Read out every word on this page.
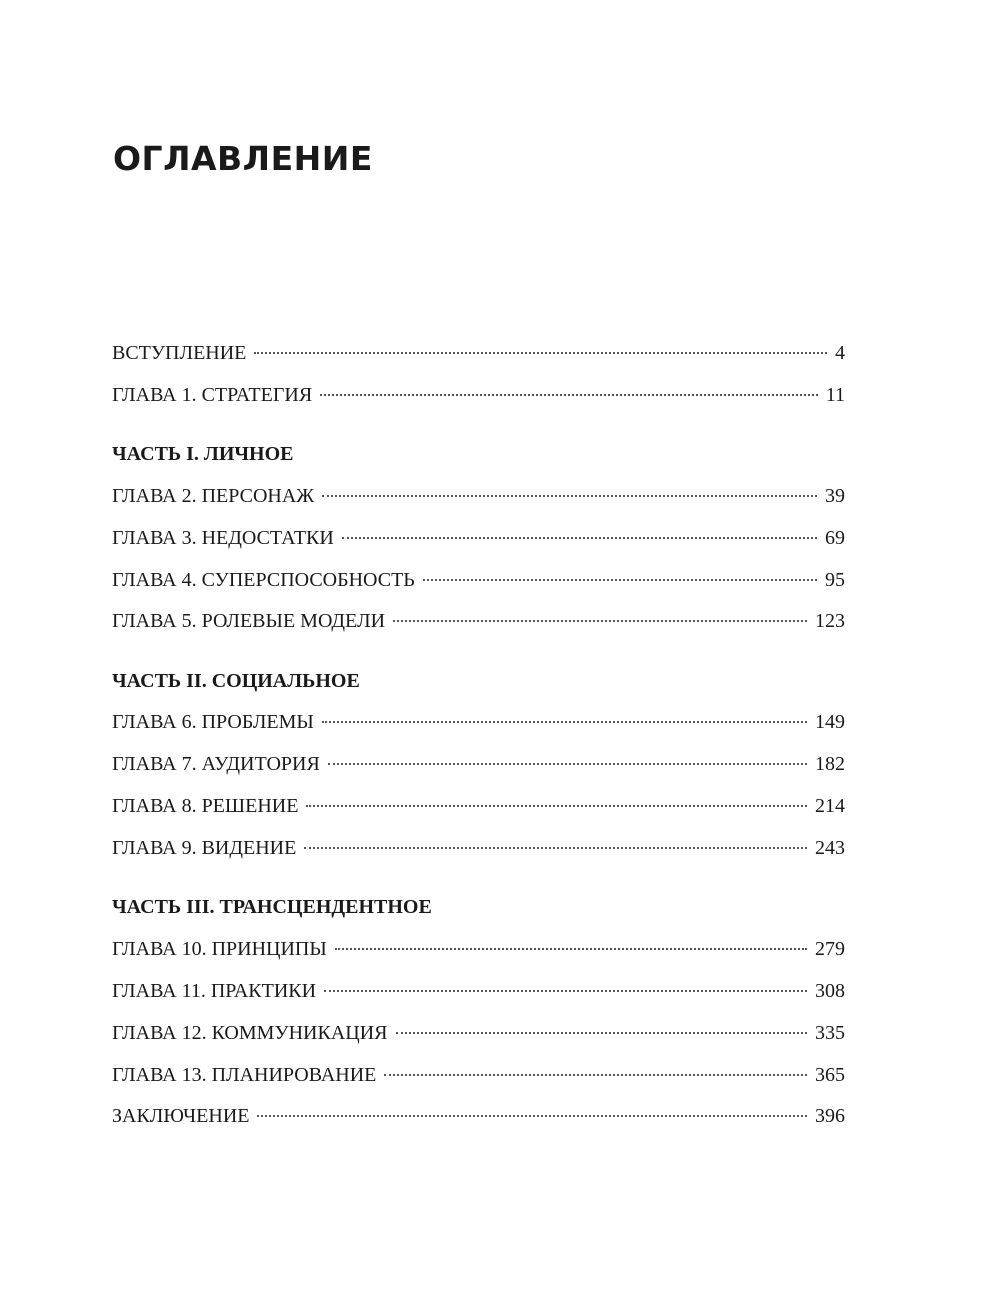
ОГЛАВЛЕНИЕ
ВСТУПЛЕНИЕ	4
ГЛАВА 1. СТРАТЕГИЯ	11
ЧАСТЬ I. ЛИЧНОЕ
ГЛАВА 2. ПЕРСОНАЖ	39
ГЛАВА 3. НЕДОСТАТКИ	69
ГЛАВА 4. СУПЕРСПОСОБНОСТЬ	95
ГЛАВА 5. РОЛЕВЫЕ МОДЕЛИ	123
ЧАСТЬ II. СОЦИАЛЬНОЕ
ГЛАВА 6. ПРОБЛЕМЫ	149
ГЛАВА 7. АУДИТОРИЯ	182
ГЛАВА 8. РЕШЕНИЕ	214
ГЛАВА 9. ВИДЕНИЕ	243
ЧАСТЬ III. ТРАНСЦЕНДЕНТНОЕ
ГЛАВА 10. ПРИНЦИПЫ	279
ГЛАВА 11. ПРАКТИКИ	308
ГЛАВА 12. КОММУНИКАЦИЯ	335
ГЛАВА 13. ПЛАНИРОВАНИЕ	365
ЗАКЛЮЧЕНИЕ	396
